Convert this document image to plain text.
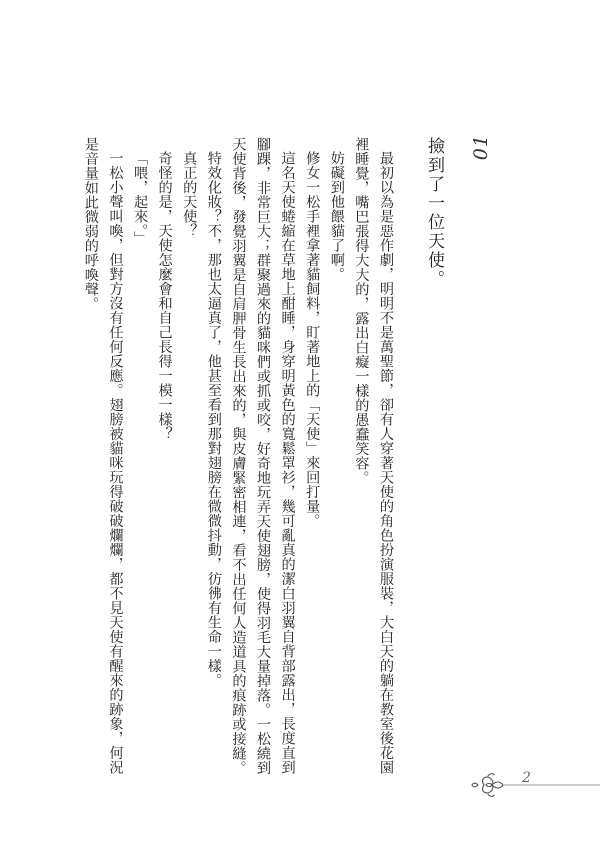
01
撿到了一位天使。

最初以為是惡作劇，明明不是萬聖節，卻有人穿著天使的角色扮演服裝，大白天的躺在教室後花園裡睡覺，嘴巴張得大大的，露出白癡一樣的愚蠢笑容。

妨礙到他餵貓了啊。

修女一松手裡拿著貓飼料，盯著地上的「天使」來回打量。

這名天使蜷縮在草地上酣睡，身穿明黃色的寬鬆罩衫，幾可亂真的潔白羽翼自背部露出，長度直到腳踝，非常巨大；群聚過來的貓咪們或抓或咬，好奇地玩弄天使翅膀，使得羽毛大量掉落。一松繞到天使背後，發覺羽翼是自肩胛骨生長出來的，與皮膚緊密相連，看不出任何人造道具的痕跡或接縫。

特效化妝？不，那也太逼真了，他甚至看到那對翅膀在微微抖動，彷彿有生命一樣。

真正的天使？

奇怪的是，天使怎麼會和自己長得一模一樣？

「喂，起來。」

一松小聲叫喚，但對方沒有任何反應。翅膀被貓咪玩得破破爛爛，都不見天使有醒來的跡象，何況是音量如此微弱的呼喚聲。

2
